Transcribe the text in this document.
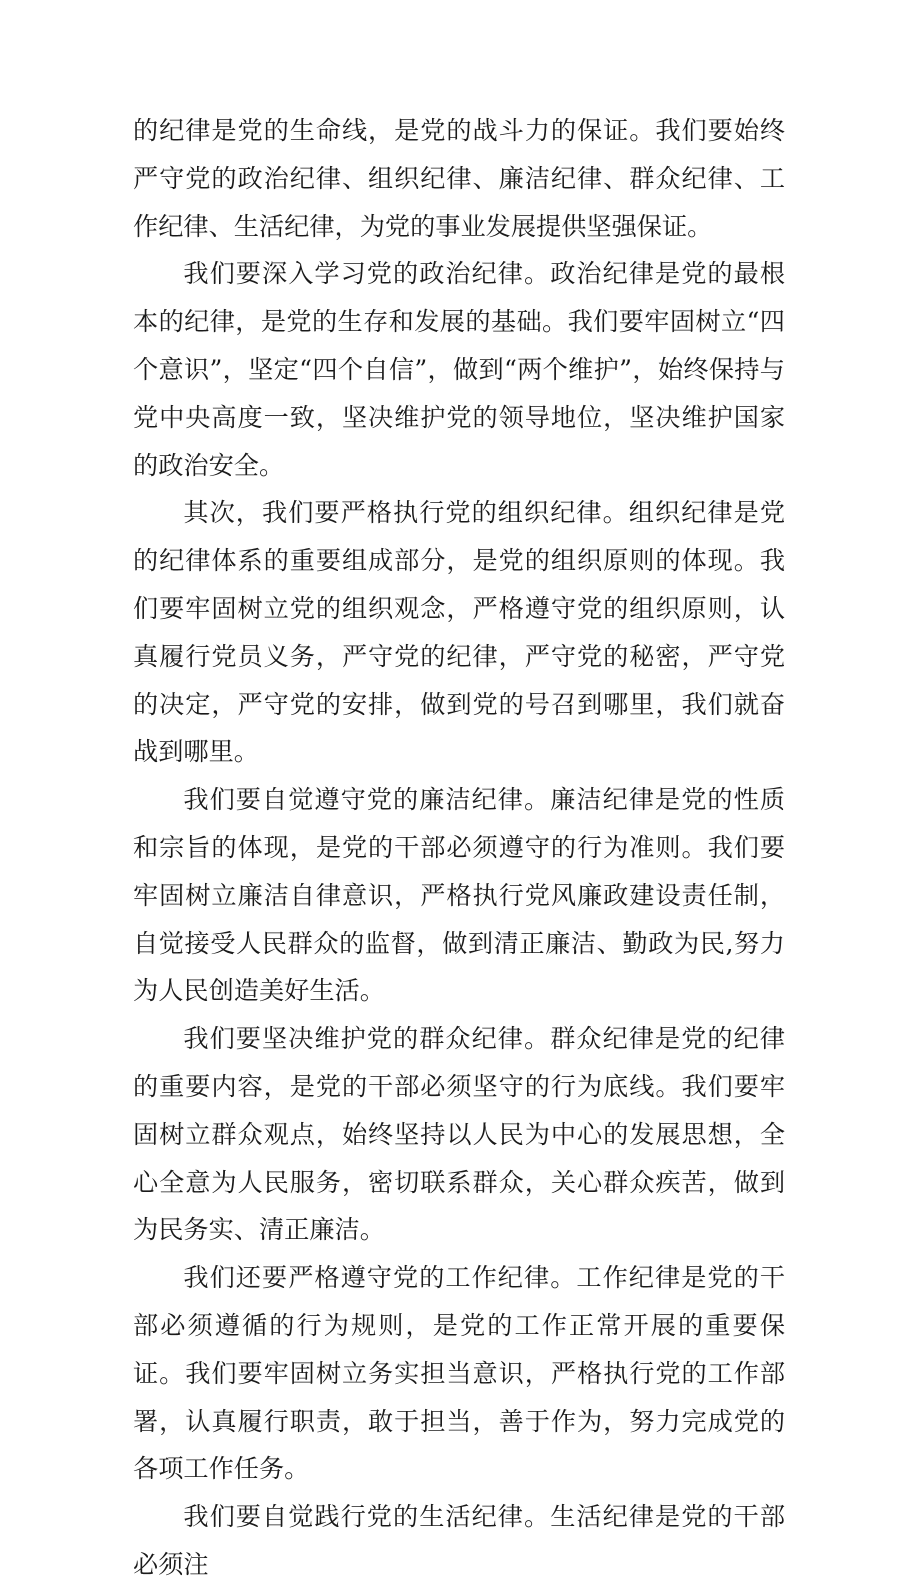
的纪律是党的生命线，是党的战斗力的保证。我们要始终严守党的政治纪律、组织纪律、廉洁纪律、群众纪律、工作纪律、生活纪律，为党的事业发展提供坚强保证。

我们要深入学习党的政治纪律。政治纪律是党的最根本的纪律，是党的生存和发展的基础。我们要牢固树立“四个意识”，坚定“四个自信”，做到“两个维护”，始终保持与党中央高度一致，坚决维护党的领导地位，坚决维护国家的政治安全。

其次，我们要严格执行党的组织纪律。组织纪律是党的纪律体系的重要组成部分，是党的组织原则的体现。我们要牢固树立党的组织观念，严格遵守党的组织原则，认真履行党员义务，严守党的纪律，严守党的秘密，严守党的决定，严守党的安排，做到党的号召到哪里，我们就奋战到哪里。

我们要自觉遵守党的廉洁纪律。廉洁纪律是党的性质和宗旨的体现，是党的干部必须遵守的行为准则。我们要牢固树立廉洁自律意识，严格执行党风廉政建设责任制，自觉接受人民群众的监督，做到清正廉洁、勤政为民,努力为人民创造美好生活。

我们要坚决维护党的群众纪律。群众纪律是党的纪律的重要内容，是党的干部必须坚守的行为底线。我们要牢固树立群众观点，始终坚持以人民为中心的发展思想，全心全意为人民服务，密切联系群众，关心群众疾苦，做到为民务实、清正廉洁。

我们还要严格遵守党的工作纪律。工作纪律是党的干部必须遵循的行为规则，是党的工作正常开展的重要保证。我们要牢固树立务实担当意识，严格执行党的工作部署，认真履行职责，敢于担当，善于作为，努力完成党的各项工作任务。

我们要自觉践行党的生活纪律。生活纪律是党的干部必须注
